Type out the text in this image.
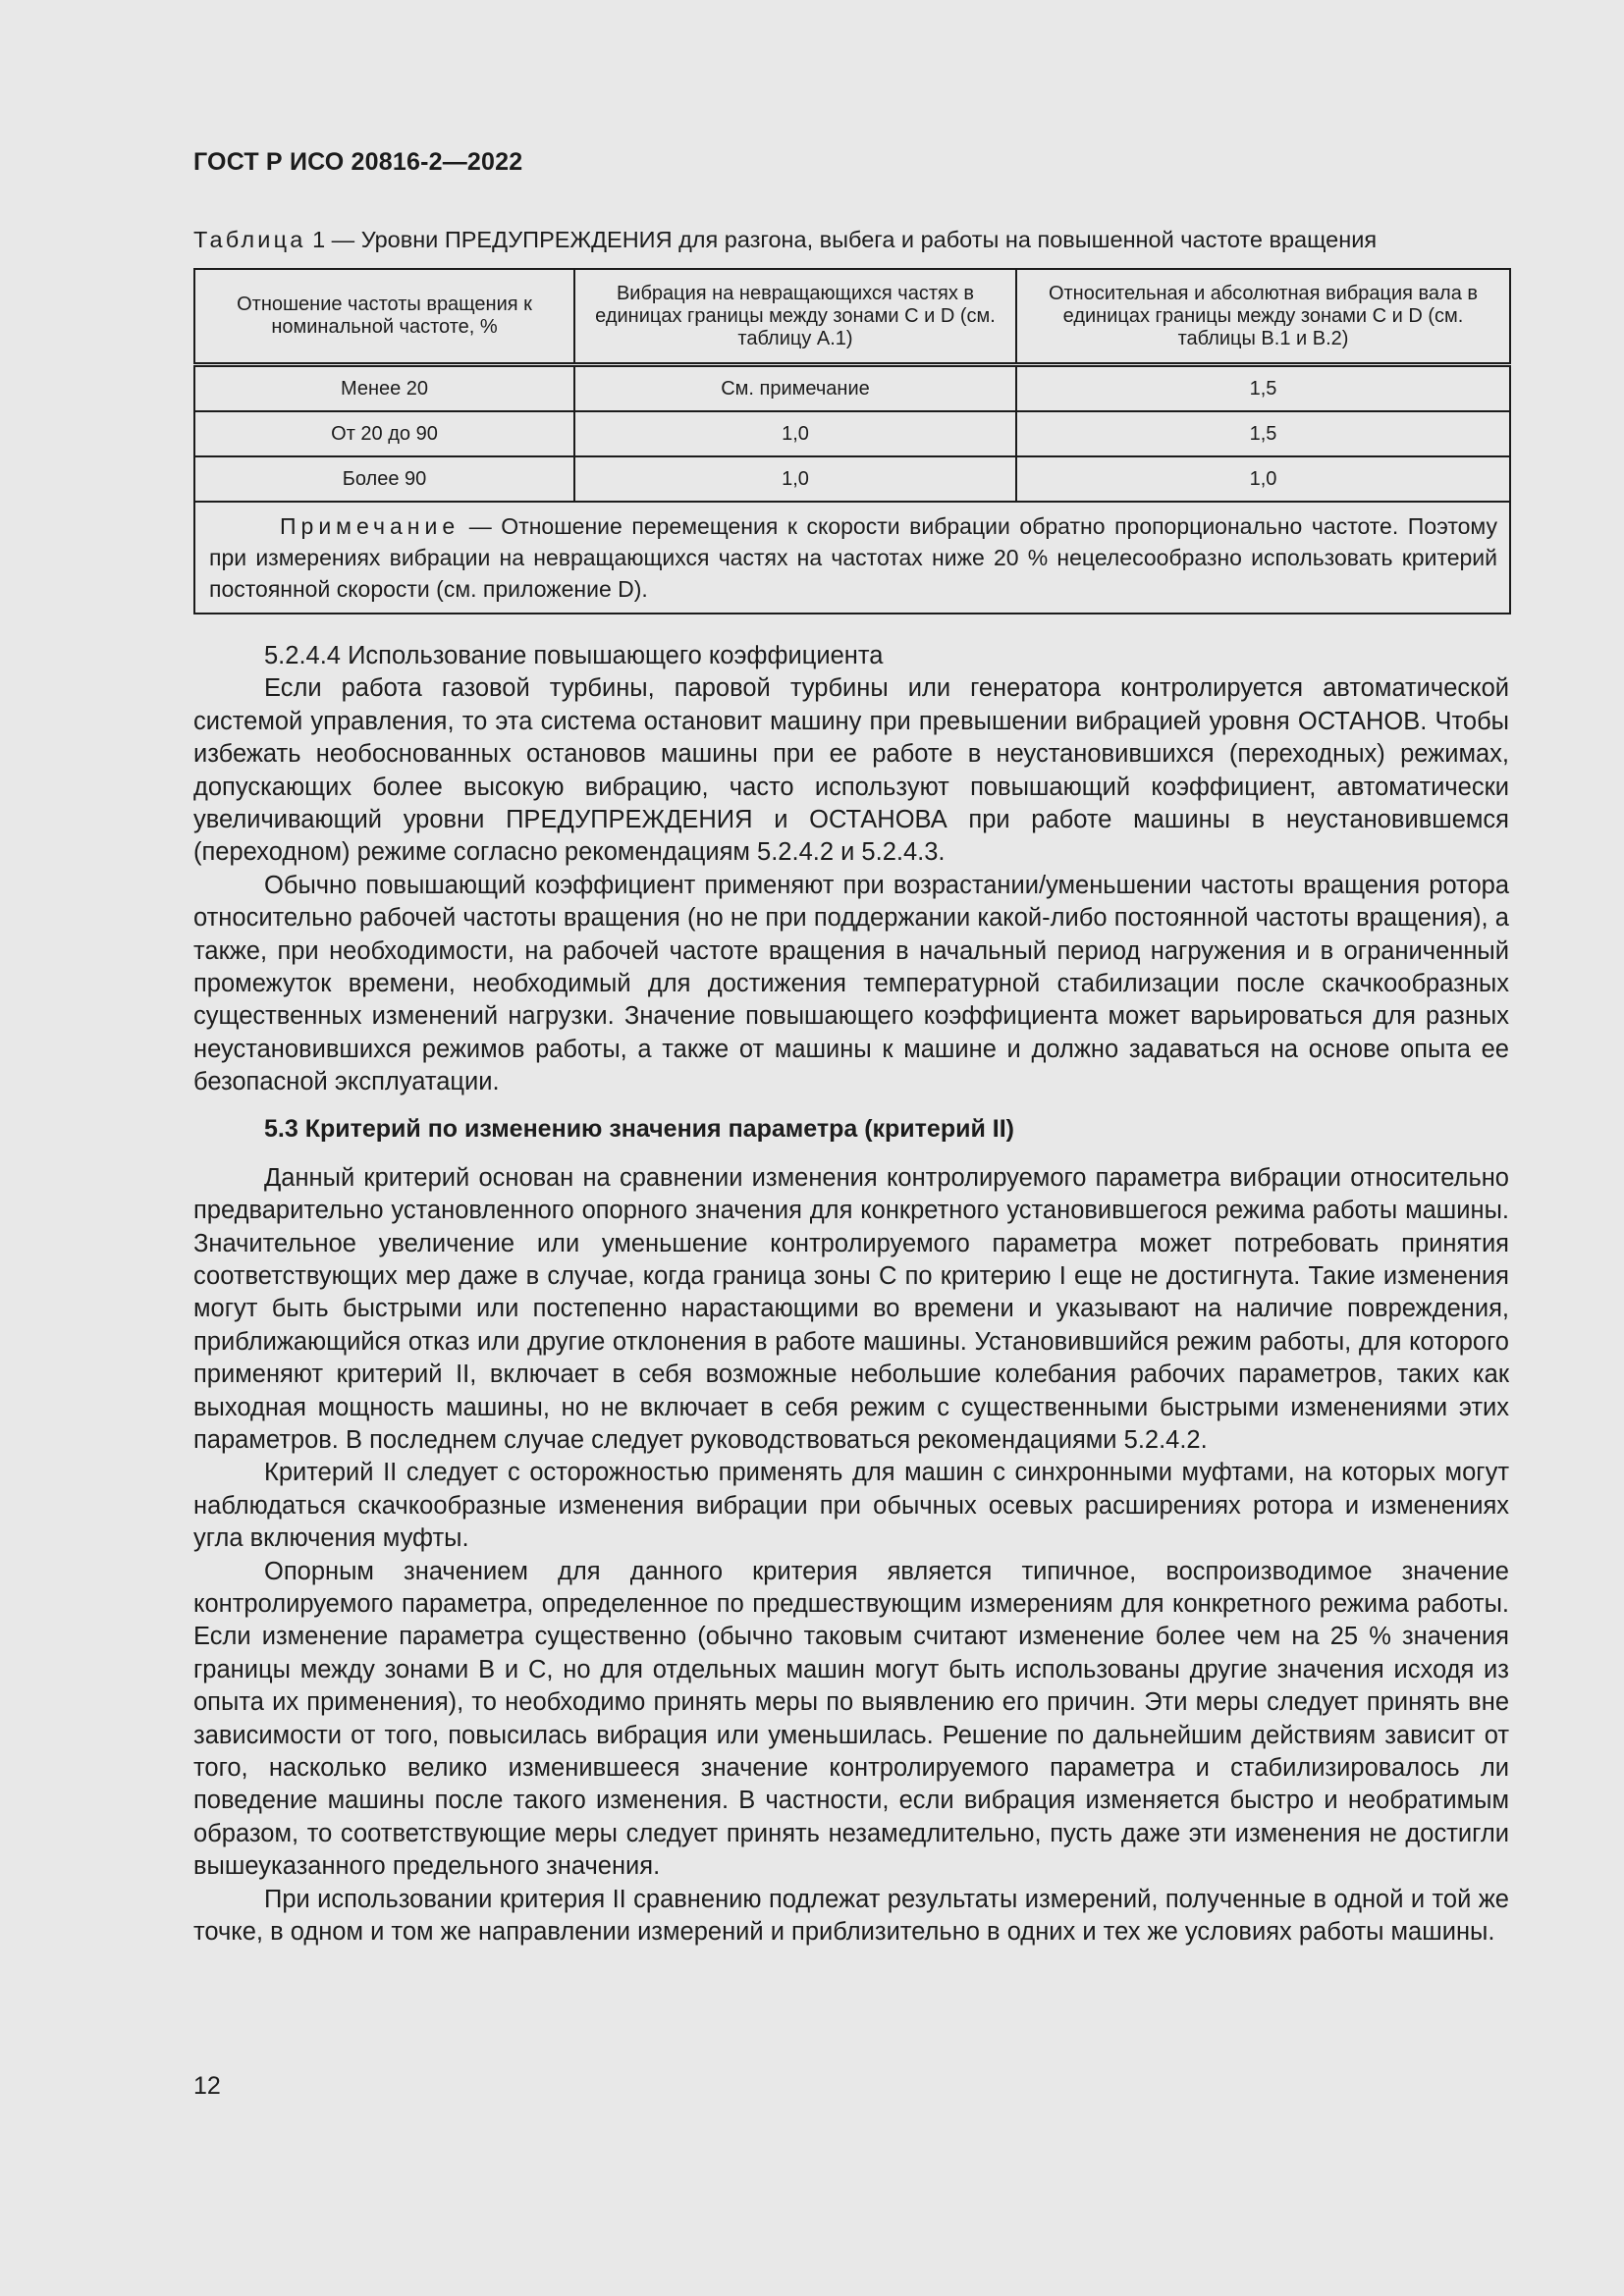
ГОСТ Р ИСО 20816-2—2022
Таблица 1 — Уровни ПРЕДУПРЕЖДЕНИЯ для разгона, выбега и работы на повышенной частоте вращения
Отношение частоты вращения к номинальной частоте, %	Вибрация на невращающихся частях в единицах границы между зонами C и D (см. таблицу А.1)	Относительная и абсолютная вибрация вала в единицах границы между зонами C и D (см. таблицы В.1 и В.2)
Менее 20	См. примечание	1,5
От 20 до 90	1,0	1,5
Более 90	1,0	1,0
Примечание — Отношение перемещения к скорости вибрации обратно пропорционально частоте. Поэтому при измерениях вибрации на невращающихся частях на частотах ниже 20 % нецелесообразно использовать критерий постоянной скорости (см. приложение D).		

5.2.4.4 Использование повышающего коэффициента

Если работа газовой турбины, паровой турбины или генератора контролируется автоматической системой управления, то эта система остановит машину при превышении вибрацией уровня ОСТАНОВ. Чтобы избежать необоснованных остановов машины при ее работе в неустановившихся (переходных) режимах, допускающих более высокую вибрацию, часто используют повышающий коэффициент, автоматически увеличивающий уровни ПРЕДУПРЕЖДЕНИЯ и ОСТАНОВА при работе машины в неустановившемся (переходном) режиме согласно рекомендациям 5.2.4.2 и 5.2.4.3.

Обычно повышающий коэффициент применяют при возрастании/уменьшении частоты вращения ротора относительно рабочей частоты вращения (но не при поддержании какой-либо постоянной частоты вращения), а также, при необходимости, на рабочей частоте вращения в начальный период нагружения и в ограниченный промежуток времени, необходимый для достижения температурной стабилизации после скачкообразных существенных изменений нагрузки. Значение повышающего коэффициента может варьироваться для разных неустановившихся режимов работы, а также от машины к машине и должно задаваться на основе опыта ее безопасной эксплуатации.

5.3 Критерий по изменению значения параметра (критерий II)

Данный критерий основан на сравнении изменения контролируемого параметра вибрации относительно предварительно установленного опорного значения для конкретного установившегося режима работы машины. Значительное увеличение или уменьшение контролируемого параметра может потребовать принятия соответствующих мер даже в случае, когда граница зоны C по критерию I еще не достигнута. Такие изменения могут быть быстрыми или постепенно нарастающими во времени и указывают на наличие повреждения, приближающийся отказ или другие отклонения в работе машины. Установившийся режим работы, для которого применяют критерий II, включает в себя возможные небольшие колебания рабочих параметров, таких как выходная мощность машины, но не включает в себя режим с существенными быстрыми изменениями этих параметров. В последнем случае следует руководствоваться рекомендациями 5.2.4.2.

Критерий II следует с осторожностью применять для машин с синхронными муфтами, на которых могут наблюдаться скачкообразные изменения вибрации при обычных осевых расширениях ротора и изменениях угла включения муфты.

Опорным значением для данного критерия является типичное, воспроизводимое значение контролируемого параметра, определенное по предшествующим измерениям для конкретного режима работы. Если изменение параметра существенно (обычно таковым считают изменение более чем на 25 % значения границы между зонами B и C, но для отдельных машин могут быть использованы другие значения исходя из опыта их применения), то необходимо принять меры по выявлению его причин. Эти меры следует принять вне зависимости от того, повысилась вибрация или уменьшилась. Решение по дальнейшим действиям зависит от того, насколько велико изменившееся значение контролируемого параметра и стабилизировалось ли поведение машины после такого изменения. В частности, если вибрация изменяется быстро и необратимым образом, то соответствующие меры следует принять незамедлительно, пусть даже эти изменения не достигли вышеуказанного предельного значения.

При использовании критерия II сравнению подлежат результаты измерений, полученные в одной и той же точке, в одном и том же направлении измерений и приблизительно в одних и тех же условиях работы машины.

12
